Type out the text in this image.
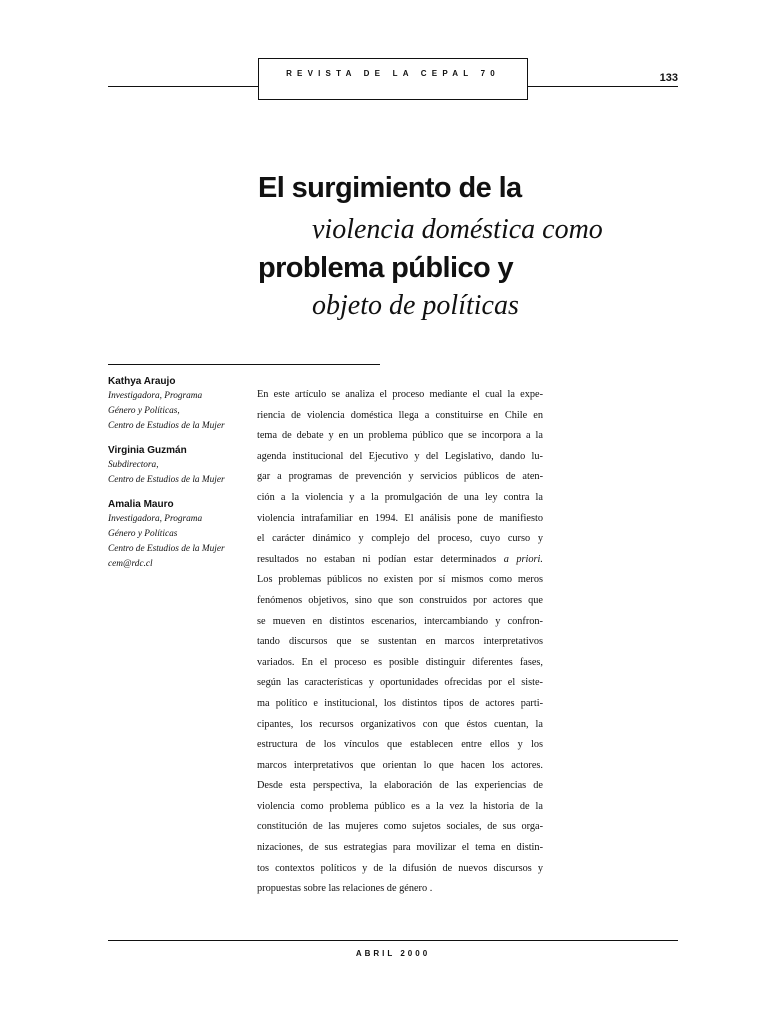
REVISTA DE LA CEPAL 70	133
El surgimiento de la
violencia doméstica como
problema público y
objeto de políticas
Kathya Araujo
Investigadora, Programa
Género y Políticas,
Centro de Estudios de la Mujer
Virginia Guzmán
Subdirectora,
Centro de Estudios de la Mujer
Amalia Mauro
Investigadora, Programa
Género y Políticas
Centro de Estudios de la Mujer
cem@rdc.cl
En este artículo se analiza el proceso mediante el cual la expe-
riencia de violencia doméstica llega a constituirse en Chile en
tema de debate y en un problema público que se incorpora a la
agenda institucional del Ejecutivo y del Legislativo, dando lu-
gar a programas de prevención y servicios públicos de aten-
ción a la violencia y a la promulgación de una ley contra la
violencia intrafamiliar en 1994. El análisis pone de manifiesto
el carácter dinámico y complejo del proceso, cuyo curso y
resultados no estaban ni podían estar determinados a priori.
Los problemas públicos no existen por sí mismos como meros
fenómenos objetivos, sino que son construidos por actores que
se mueven en distintos escenarios, intercambiando y confron-
tando discursos que se sustentan en marcos interpretativos
variados. En el proceso es posible distinguir diferentes fases,
según las características y oportunidades ofrecidas por el siste-
ma político e institucional, los distintos tipos de actores parti-
cipantes, los recursos organizativos con que éstos cuentan, la
estructura de los vínculos que establecen entre ellos y los
marcos interpretativos que orientan lo que hacen los actores.
Desde esta perspectiva, la elaboración de las experiencias de
violencia como problema público es a la vez la historia de la
constitución de las mujeres como sujetos sociales, de sus orga-
nizaciones, de sus estrategias para movilizar el tema en distin-
tos contextos políticos y de la difusión de nuevos discursos y
propuestas sobre las relaciones de género .
ABRIL 2000
